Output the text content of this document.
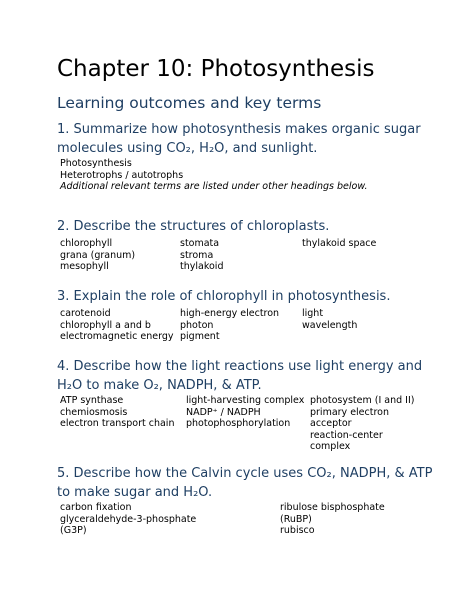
Chapter 10: Photosynthesis
Learning outcomes and key terms
1. Summarize how photosynthesis makes organic sugar
molecules using CO₂, H₂O, and sunlight.
Photosynthesis
Heterotrophs / autotrophs
Additional relevant terms are listed under other headings below.
2. Describe the structures of chloroplasts.
chlorophyll
grana (granum)
mesophyll
stomata
stroma
thylakoid
thylakoid space
3. Explain the role of chlorophyll in photosynthesis.
carotenoid
chlorophyll a and b
electromagnetic energy
high-energy electron
photon
pigment
light
wavelength
4. Describe how the light reactions use light energy and
H₂O to make O₂, NADPH, & ATP.
ATP synthase
chemiosmosis
electron transport chain
light-harvesting complex
NADP⁺ / NADPH
photophosphorylation
photosystem (I and II)
primary electron
acceptor
reaction-center
complex
5. Describe how the Calvin cycle uses CO₂, NADPH, & ATP
to make sugar and H₂O.
carbon fixation
glyceraldehyde-3-phosphate
(G3P)
ribulose bisphosphate
(RuBP)
rubisco
